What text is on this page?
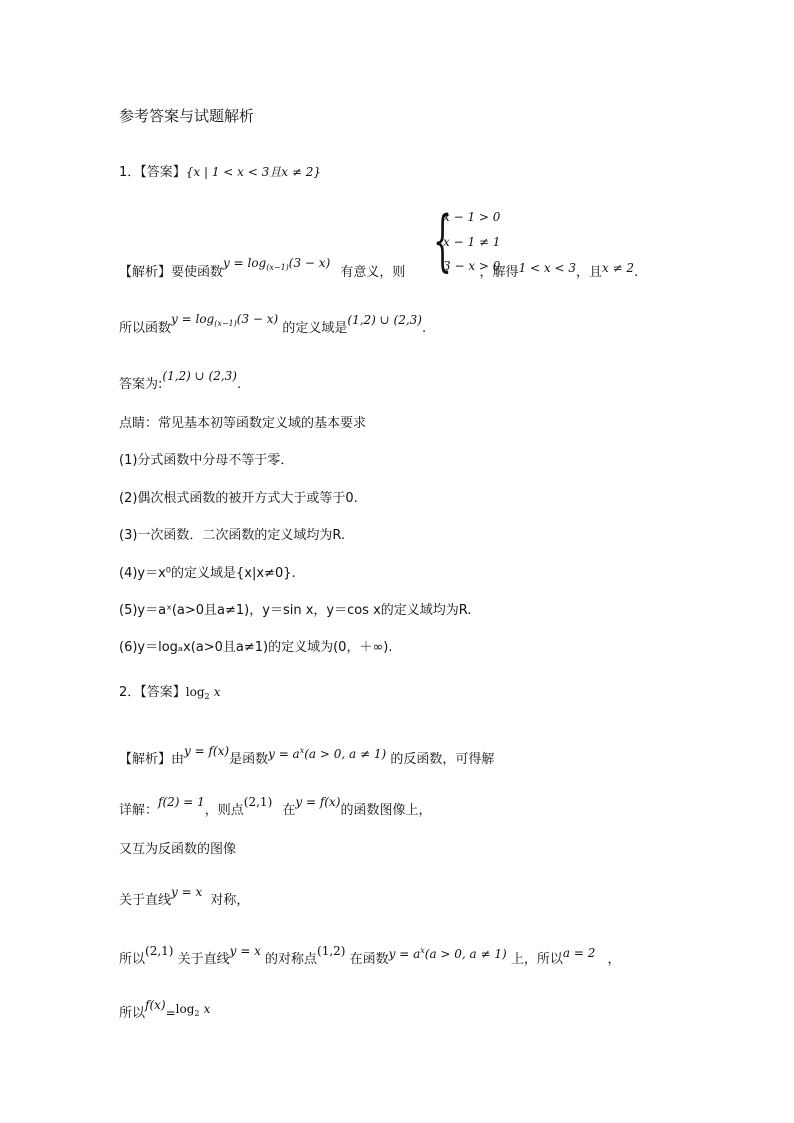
参考答案与试题解析
1．【答案】{x | 1 < x < 3且x ≠ 2}
{
x − 1 > 0
x − 1 ≠ 1
3 − x > 0
【解析】要使函数$y = \log_{(x-1)}(3 - x)$ 有意义，则	，解得1 < x < 3，且x ≠ 2.
所以函数$y = \log_{(x-1)}(3 - x)$ 的定义域是(1,2) ∪ (2,3).
答案为:(1,2) ∪ (2,3).
点睛：常见基本初等函数定义域的基本要求
(1)分式函数中分母不等于零．
(2)偶次根式函数的被开方式大于或等于0.
(3)一次函数．二次函数的定义域均为R.
(4)y＝x⁰的定义域是{x|x≠0}.
(5)y＝aˣ(a>0且a≠1)，y＝sin x，y＝cos x的定义域均为R.
(6)y＝logₐx(a>0且a≠1)的定义域为(0，＋∞).
2．【答案】$\log_2 x$
【解析】由y = f(x)是函数$y = a^x(a > 0$, a ≠ 1) 的反函数，可得解
详解：f(2) = 1，则点(2,1) 在y = f(x)的函数图像上，
又互为反函数的图像
关于直线y = x 对称，
所以(2,1) 关于直线y = x 的对称点(1,2) 在函数$y = a^x(a > 0$, a ≠ 1) 上，所以a = 2 ，
所以$f(x)=\log_2$ x
